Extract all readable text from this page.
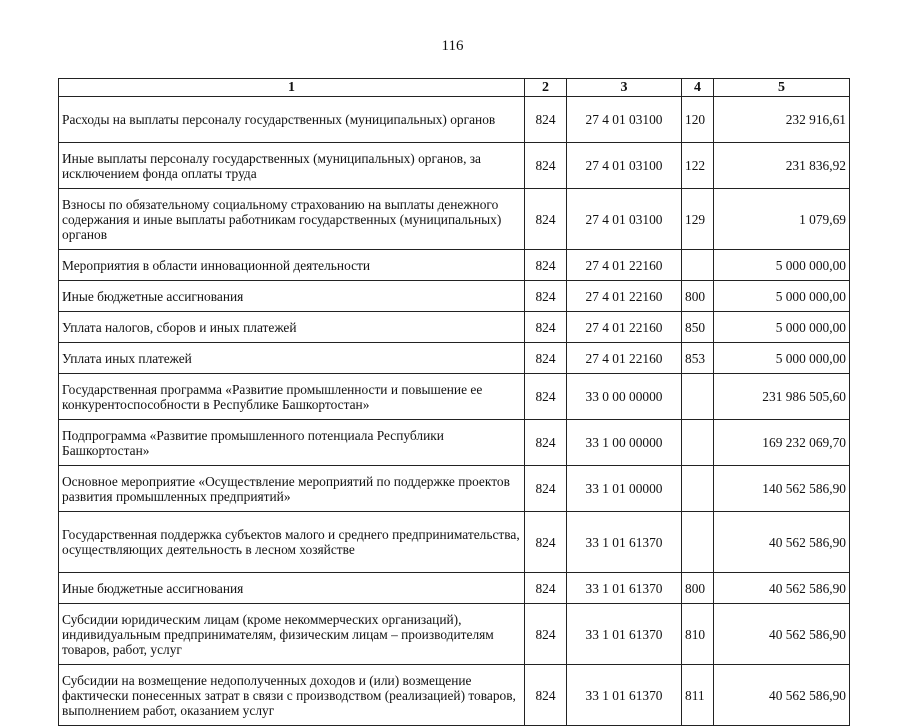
116
1	2	3	4	5
Расходы на выплаты персоналу государственных (муниципальных) органов	824	27 4 01 03100	120	232 916,61
Иные выплаты персоналу государственных (муниципальных) органов, за исключением фонда оплаты труда	824	27 4 01 03100	122	231 836,92
Взносы по обязательному социальному страхованию на выплаты денежного содержания и иные выплаты работникам государственных (муниципальных) органов	824	27 4 01 03100	129	1 079,69
Мероприятия в области инновационной деятельности	824	27 4 01 22160		5 000 000,00
Иные бюджетные ассигнования	824	27 4 01 22160	800	5 000 000,00
Уплата налогов, сборов и иных платежей	824	27 4 01 22160	850	5 000 000,00
Уплата иных платежей	824	27 4 01 22160	853	5 000 000,00
Государственная программа «Развитие промышленности и повышение ее конкурентоспособности в Республике Башкортостан»	824	33 0 00 00000		231 986 505,60
Подпрограмма «Развитие промышленного потенциала Республики Башкортостан»	824	33 1 00 00000		169 232 069,70
Основное мероприятие «Осуществление мероприятий по поддержке проектов развития промышленных предприятий»	824	33 1 01 00000		140 562 586,90
Государственная поддержка субъектов малого и среднего предпринимательства, осуществляющих деятельность в лесном хозяйстве	824	33 1 01 61370		40 562 586,90
Иные бюджетные ассигнования	824	33 1 01 61370	800	40 562 586,90
Субсидии юридическим лицам (кроме некоммерческих организаций), индивидуальным предпринимателям, физическим лицам – производителям товаров, работ, услуг	824	33 1 01 61370	810	40 562 586,90
Субсидии на возмещение недополученных доходов и (или) возмещение фактически понесенных затрат в связи с производством (реализацией) товаров, выполнением работ, оказанием услуг	824	33 1 01 61370	811	40 562 586,90
